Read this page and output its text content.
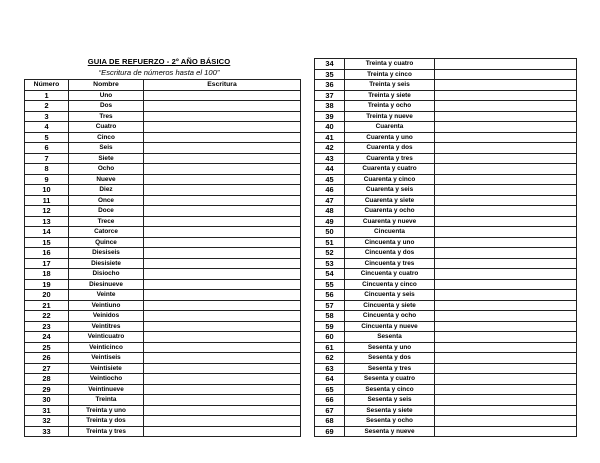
GUIA DE REFUERZO - 2º AÑO BÁSICO
“Escritura de números hasta el 100”
Número	Nombre	Escritura
1	Uno	
2	Dos	
3	Tres	
4	Cuatro	
5	Cinco	
6	Seis	
7	Siete	
8	Ocho	
9	Nueve	
10	Diez	
11	Once	
12	Doce	
13	Trece	
14	Catorce	
15	Quince	
16	Diesiseis	
17	Diesisiete	
18	Disiocho	
19	Diesinueve	
20	Veinte	
21	Veintiuno	
22	Veinidos	
23	Veintitres	
24	Veinticuatro	
25	Veinticinco	
26	Veintiseis	
27	Veintisiete	
28	Veintiocho	
29	Veintinueve	
30	Treinta	
31	Treinta y uno	
32	Treinta y dos	
33	Treinta y tres	
34	Treinta y cuatro	
35	Treinta y cinco	
36	Treinta y seis	
37	Treinta y siete	
38	Treinta y ocho	
39	Treinta y nueve	
40	Cuarenta	
41	Cuarenta y uno	
42	Cuarenta y dos	
43	Cuarenta y tres	
44	Cuarenta y cuatro	
45	Cuarenta y cinco	
46	Cuarenta y seis	
47	Cuarenta y siete	
48	Cuarenta y ocho	
49	Cuarenta y nueve	
50	Cincuenta	
51	Cincuenta y uno	
52	Cincuenta y dos	
53	Cincuenta y tres	
54	Cincuenta y cuatro	
55	Cincuenta y cinco	
56	Cincuenta y seis	
57	Cincuenta y siete	
58	Cincuenta y ocho	
59	Cincuenta y nueve	
60	Sesenta	
61	Sesenta y uno	
62	Sesenta y dos	
63	Sesenta y tres	
64	Sesenta y cuatro	
65	Sesenta y cinco	
66	Sesenta y seis	
67	Sesenta y siete	
68	Sesenta y ocho	
69	Sesenta y nueve	
